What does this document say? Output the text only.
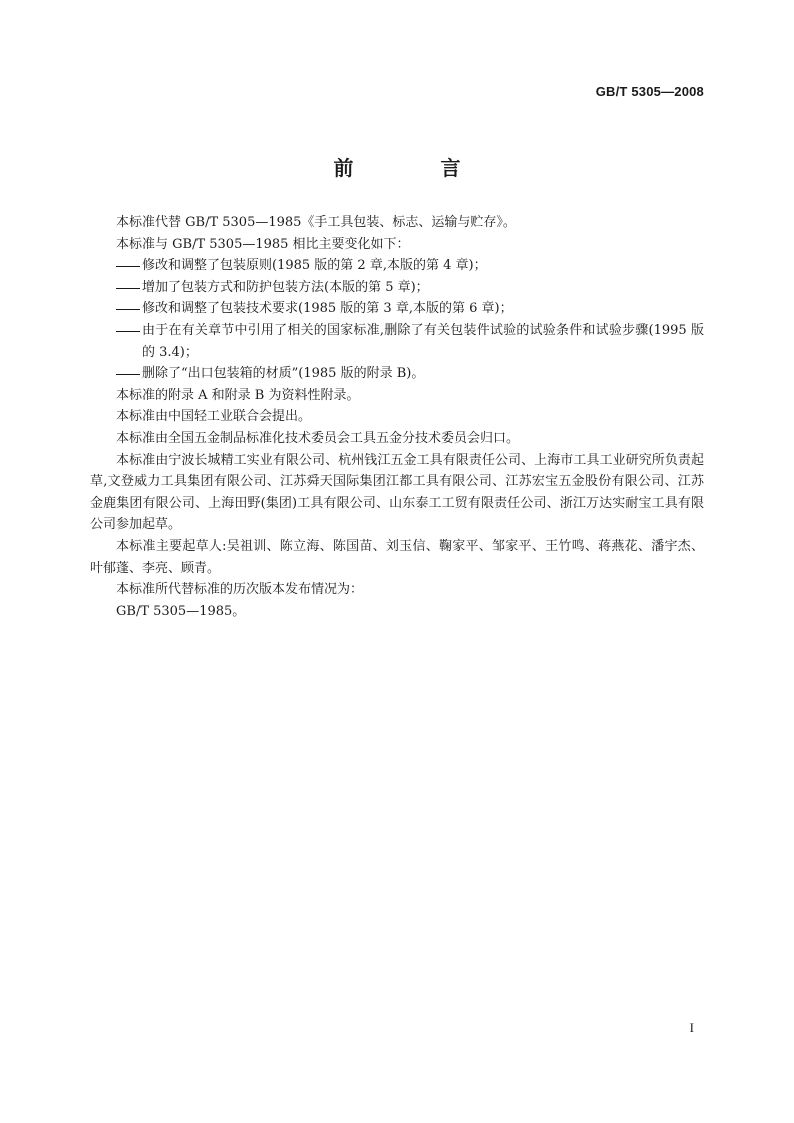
GB/T 5305—2008
前 言

本标准代替 GB/T 5305—1985《手工具包装、标志、运输与贮存》。

本标准与 GB/T 5305—1985 相比主要变化如下：

修改和调整了包装原则(1985 版的第 2 章,本版的第 4 章)；

增加了包装方式和防护包装方法(本版的第 5 章)；

修改和调整了包装技术要求(1985 版的第 3 章,本版的第 6 章)；

由于在有关章节中引用了相关的国家标准,删除了有关包装件试验的试验条件和试验步骤(1995 版的 3.4)；

删除了“出口包装箱的材质”(1985 版的附录 B)。

本标准的附录 A 和附录 B 为资料性附录。

本标准由中国轻工业联合会提出。

本标准由全国五金制品标准化技术委员会工具五金分技术委员会归口。

本标准由宁波长城精工实业有限公司、杭州钱江五金工具有限责任公司、上海市工具工业研究所负责起草,文登威力工具集团有限公司、江苏舜天国际集团江都工具有限公司、江苏宏宝五金股份有限公司、江苏金鹿集团有限公司、上海田野(集团)工具有限公司、山东泰工工贸有限责任公司、浙江万达实耐宝工具有限公司参加起草。

本标准主要起草人:吴祖训、陈立海、陈国苗、刘玉信、鞠家平、邹家平、王竹鸣、蒋燕花、潘宇杰、叶郁蓬、李亮、顾青。

本标准所代替标准的历次版本发布情况为：

GB/T 5305—1985。

I
